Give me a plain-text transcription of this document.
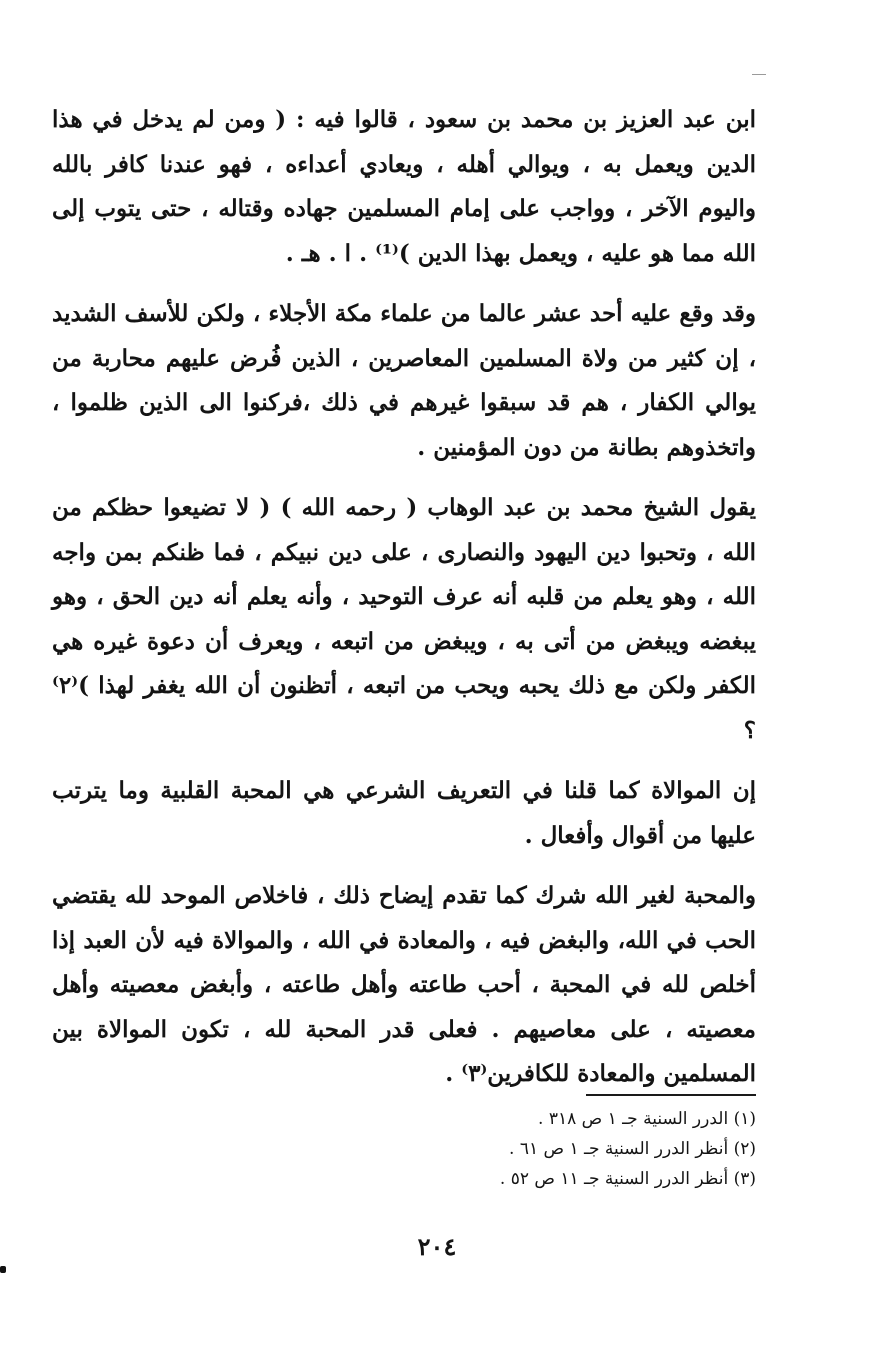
ابن عبد العزيز بن محمد بن سعود ، قالوا فيه : ( ومن لم يدخل في هذا الدين ويعمل به ، ويوالي أهله ، ويعادي أعداءه ، فهو عندنا كافر بالله واليوم الآخر ، وواجب على إمام المسلمين جهاده وقتاله ، حتى يتوب إلى الله مما هو عليه ، ويعمل بهذا الدين )⁽¹⁾ . ا . هـ .

وقد وقع عليه أحد عشر عالما من علماء مكة الأجلاء ، ولكن للأسف الشديد ، إن كثير من ولاة المسلمين المعاصرين ، الذين فُرض عليهم محاربة من يوالي الكفار ، هم قد سبقوا غيرهم في ذلك ،فركنوا الى الذين ظلموا ، واتخذوهم بطانة من دون المؤمنين .

يقول الشيخ محمد بن عبد الوهاب ( رحمه الله ) ( لا تضيعوا حظكم من الله ، وتحبوا دين اليهود والنصارى ، على دين نبيكم ، فما ظنكم بمن واجه الله ، وهو يعلم من قلبه أنه عرف التوحيد ، وأنه يعلم أنه دين الحق ، وهو يبغضه ويبغض من أتى به ، ويبغض من اتبعه ، ويعرف أن دعوة غيره هي الكفر ولكن مع ذلك يحبه ويحب من اتبعه ، أتظنون أن الله يغفر لهذا )⁽٢⁾ ؟

إن الموالاة كما قلنا في التعريف الشرعي هي المحبة القلبية وما يترتب عليها من أقوال وأفعال .

والمحبة لغير الله شرك كما تقدم إيضاح ذلك ، فاخلاص الموحد لله يقتضي الحب في الله، والبغض فيه ، والمعادة في الله ، والموالاة فيه لأن العبد إذا أخلص لله في المحبة ، أحب طاعته وأهل طاعته ، وأبغض معصيته وأهل معصيته ، على معاصيهم . فعلى قدر المحبة لله ، تكون الموالاة بين المسلمين والمعادة للكافرين⁽٣⁾ .

(١) الدرر السنية جـ ١ ص ٣١٨ .
(٢) أنظر الدرر السنية جـ ١ ص ٦١ .
(٣) أنظر الدرر السنية جـ ١١ ص ٥٢ .
٢٠٤
